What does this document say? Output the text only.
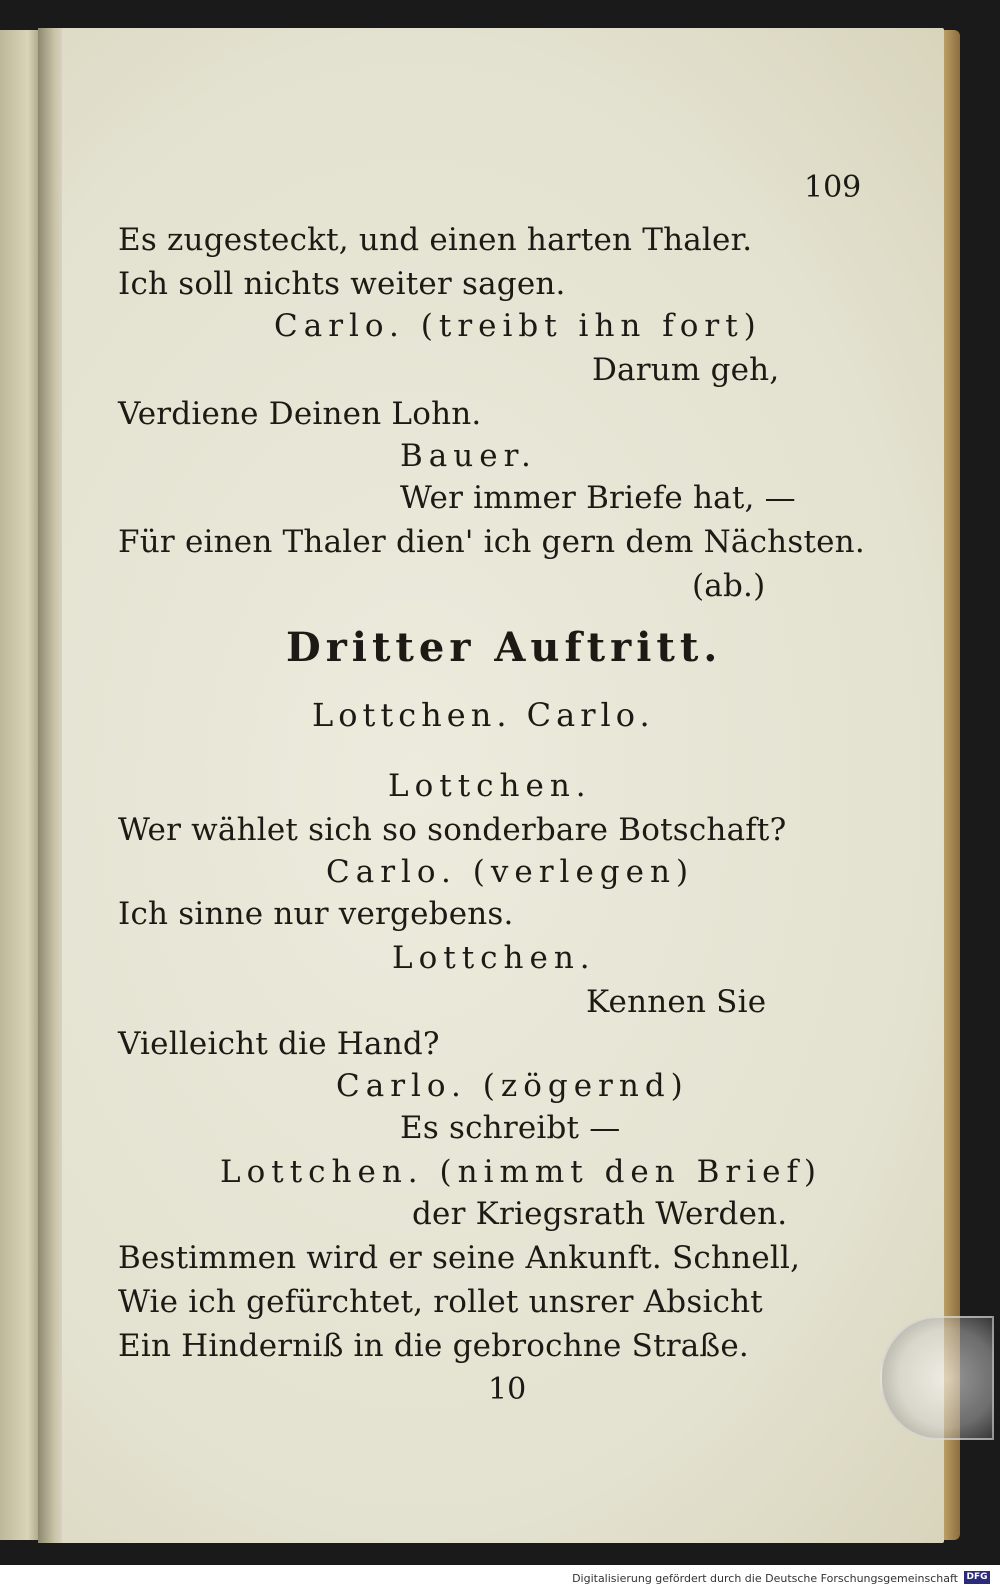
109
Es zugesteckt, und einen harten Thaler.
Ich soll nichts weiter sagen.
Carlo. (treibt ihn fort)
Darum geh,
Verdiene Deinen Lohn.
Bauer.
Wer immer Briefe hat, —
Für einen Thaler dien' ich gern dem Nächsten.
(ab.)
Dritter Auftritt.
Lottchen. Carlo.
Lottchen.
Wer wählet sich so sonderbare Botschaft?
Carlo. (verlegen)
Ich sinne nur vergebens.
Lottchen.
Kennen Sie
Vielleicht die Hand?
Carlo. (zögernd)
Es schreibt —
Lottchen. (nimmt den Brief)
der Kriegsrath Werden.
Bestimmen wird er seine Ankunft. Schnell,
Wie ich gefürchtet, rollet unsrer Absicht
Ein Hinderniß in die gebrochne Straße.
10
Digitalisierung gefördert durch die Deutsche Forschungsgemeinschaft DFG
